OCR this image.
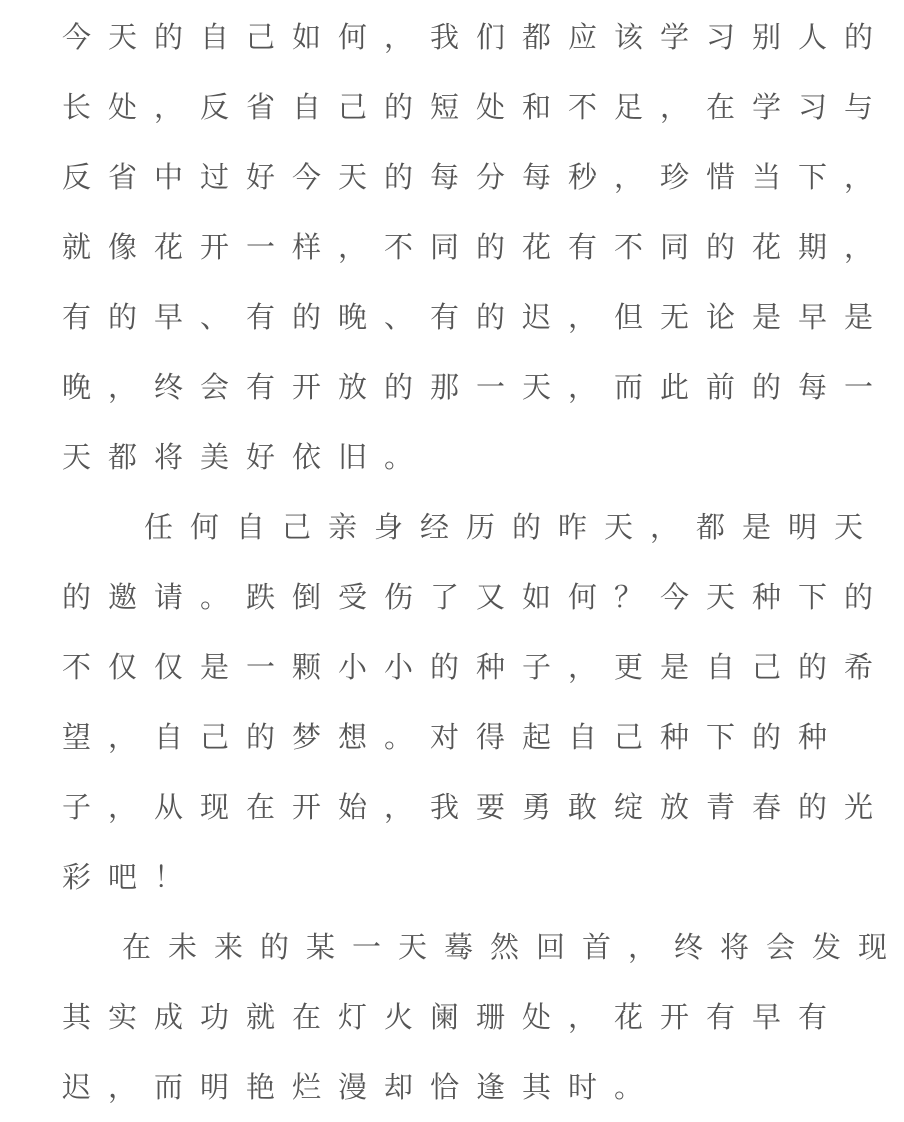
今天的自己如何，我们都应该学习别人的
长处，反省自己的短处和不足，在学习与
反省中过好今天的每分每秒，珍惜当下，
就像花开一样，不同的花有不同的花期，
有的早、有的晚、有的迟，但无论是早是
晚，终会有开放的那一天，而此前的每一
天都将美好依旧。
任何自己亲身经历的昨天，都是明天
的邀请。跌倒受伤了又如何？今天种下的
不仅仅是一颗小小的种子，更是自己的希
望，自己的梦想。对得起自己种下的种
子，从现在开始，我要勇敢绽放青春的光
彩吧！
在未来的某一天蓦然回首，终将会发现
其实成功就在灯火阑珊处，花开有早有
迟，而明艳烂漫却恰逢其时。
